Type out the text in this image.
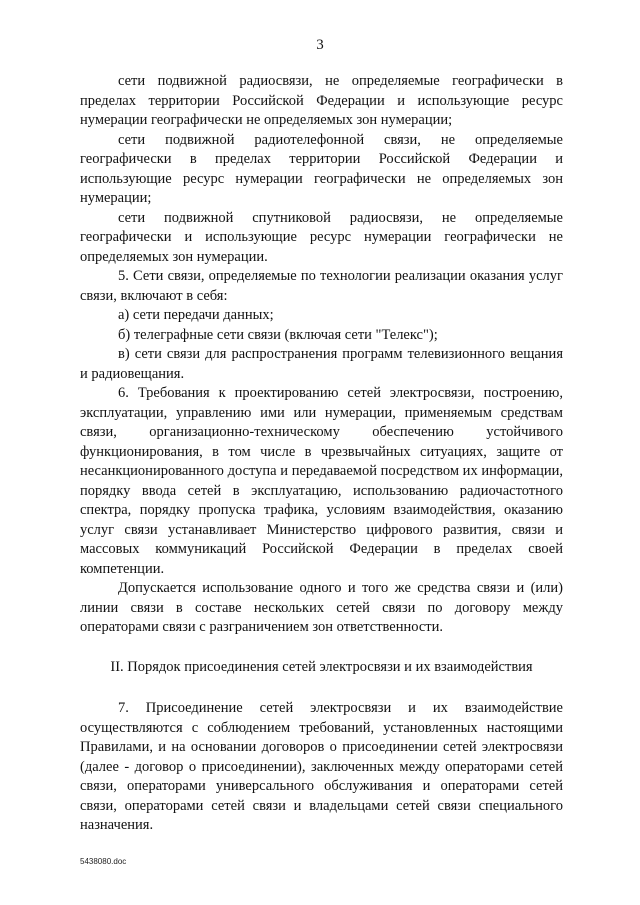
3

сети подвижной радиосвязи, не определяемые географически в пределах территории Российской Федерации и использующие ресурс нумерации географически не определяемых зон нумерации;

сети подвижной радиотелефонной связи, не определяемые географически в пределах территории Российской Федерации и использующие ресурс нумерации географически не определяемых зон нумерации;

сети подвижной спутниковой радиосвязи, не определяемые географически и использующие ресурс нумерации географически не определяемых зон нумерации.

5. Сети связи, определяемые по технологии реализации оказания услуг связи, включают в себя:

а) сети передачи данных;

б) телеграфные сети связи (включая сети "Телекс");

в) сети связи для распространения программ телевизионного вещания и радиовещания.

6. Требования к проектированию сетей электросвязи, построению, эксплуатации, управлению ими или нумерации, применяемым средствам связи, организационно-техническому обеспечению устойчивого функционирования, в том числе в чрезвычайных ситуациях, защите от несанкционированного доступа и передаваемой посредством их информации, порядку ввода сетей в эксплуатацию, использованию радиочастотного спектра, порядку пропуска трафика, условиям взаимодействия, оказанию услуг связи устанавливает Министерство цифрового развития, связи и массовых коммуникаций Российской Федерации в пределах своей компетенции.

Допускается использование одного и того же средства связи и (или) линии связи в составе нескольких сетей связи по договору между операторами связи с разграничением зон ответственности.

II. Порядок присоединения сетей электросвязи и их взаимодействия

7. Присоединение сетей электросвязи и их взаимодействие осуществляются с соблюдением требований, установленных настоящими Правилами, и на основании договоров о присоединении сетей электросвязи (далее - договор о присоединении), заключенных между операторами сетей связи, операторами универсального обслуживания и операторами сетей связи, операторами сетей связи и владельцами сетей связи специального назначения.

5438080.doc
